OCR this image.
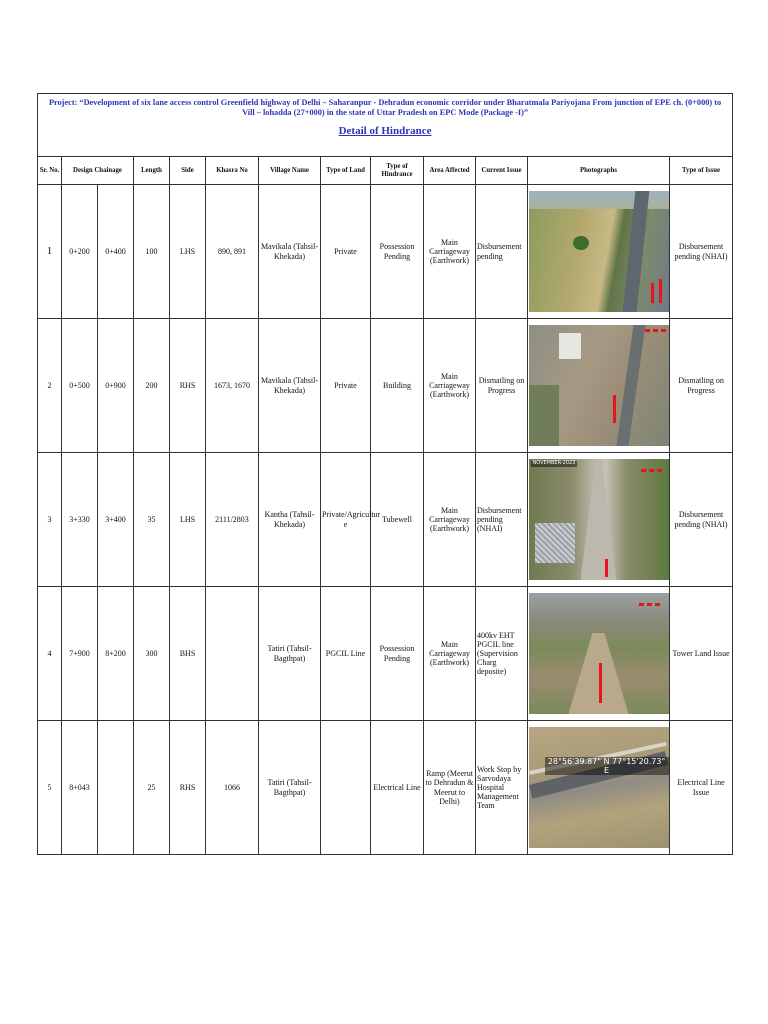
Project: “Development of six lane access control Greenfield highway of Delhi – Saharanpur - Dehradun economic corridor under Bharatmala Pariyojana From junction of EPE ch. (0+000) to Vill – lohadda (27+000) in the state of Uttar Pradesh on EPC Mode (Package -I)”
Detail of Hindrance												

Sr. No.	Design Chainage		Length	Side	Khasra No	Village Name	Type of Land	Type of Hindrance	Area Affected	Current Issue	Photographs	Type of Issue
1	0+200	0+400	100	LHS	890, 891	Mavikala (Tahsil-Khekada)	Private	Possession Pending	Main Carriageway (Earthwork)	Disbursement pending		Disbursement pending (NHAI)
2	0+500	0+900	200	RHS	1673, 1670	Mavikala (Tahsil-Khekada)	Private	Building	Main Carriageway (Earthwork)	Dismatling on Progress		Dismatling on Progress
3	3+330	3+400	35	LHS	2111/2803	Kantha (Tahsil-Khekada)	Private/Agricultur e	Tubewell	Main Carriageway (Earthwork)	Disbursement pending (NHAI)	NOVEMBER-2023	Disbursement pending (NHAI)
4	7+900	8+200	300	BHS		Tatiri (Tahsil-Bagthpat)	PGCIL Line	Possession Pending	Main Carriageway (Earthwork)	400kv EHT PGCIL line (Supervision Charg deposite)		Tower Land Issue
5	8+043		25	RHS	1066	Tatiri (Tahsil-Bagthpat)		Electrical Line	Ramp (Meerut to Dehradun & Meerut to Delhi)	Work Stop by Sarvodaya Hospital Management Team	28°56'39.87" N 77°15'20.73" E	Electrical Line Issue
